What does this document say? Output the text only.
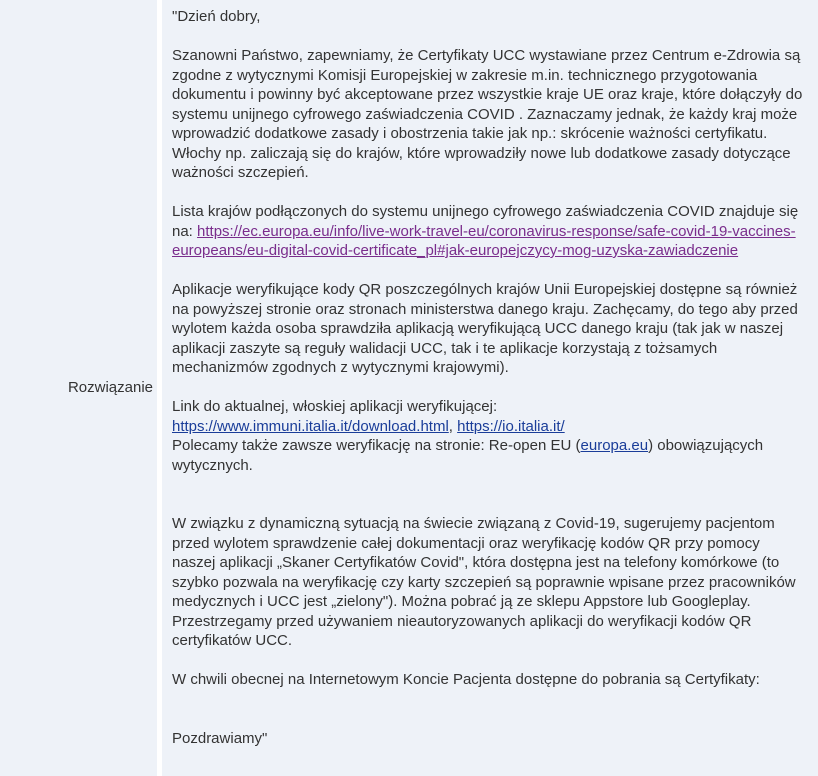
Rozwiązanie

"Dzień dobry,

Szanowni Państwo, zapewniamy, że Certyfikaty UCC wystawiane przez Centrum e-Zdrowia są zgodne z wytycznymi Komisji Europejskiej w zakresie m.in. technicznego przygotowania dokumentu i powinny być akceptowane przez wszystkie kraje UE oraz kraje, które dołączyły do systemu unijnego cyfrowego zaświadczenia COVID . Zaznaczamy jednak, że każdy kraj może wprowadzić dodatkowe zasady i obostrzenia takie jak np.: skrócenie ważności certyfikatu. Włochy np. zaliczają się do krajów, które wprowadziły nowe lub dodatkowe zasady dotyczące ważności szczepień.

Lista krajów podłączonych do systemu unijnego cyfrowego zaświadczenia COVID znajduje się na: https://ec.europa.eu/info/live-work-travel-eu/coronavirus-response/safe-covid-19-vaccines-europeans/eu-digital-covid-certificate_pl#jak-europejczycy-mog-uzyska-zawiadczenie

Aplikacje weryfikujące kody QR poszczególnych krajów Unii Europejskiej dostępne są również na powyższej stronie oraz stronach ministerstwa danego kraju. Zachęcamy, do tego aby przed wylotem każda osoba sprawdziła aplikacją weryfikującą UCC danego kraju (tak jak w naszej aplikacji zaszyte są reguły walidacji UCC, tak i te aplikacje korzystają z tożsamych mechanizmów zgodnych z wytycznymi krajowymi).

Link do aktualnej, włoskiej aplikacji weryfikującej:
https://www.immuni.italia.it/download.html, https://io.italia.it/
Polecamy także zawsze weryfikację na stronie: Re-open EU (europa.eu) obowiązujących wytycznych.

W związku z dynamiczną sytuacją na świecie związaną z Covid-19, sugerujemy pacjentom przed wylotem sprawdzenie całej dokumentacji oraz weryfikację kodów QR przy pomocy naszej aplikacji „Skaner Certyfikatów Covid", która dostępna jest na telefony komórkowe (to szybko pozwala na weryfikację czy karty szczepień są poprawnie wpisane przez pracowników medycznych i UCC jest „zielony"). Można pobrać ją ze sklepu Appstore lub Googleplay. Przestrzegamy przed używaniem nieautoryzowanych aplikacji do weryfikacji kodów QR certyfikatów UCC.

W chwili obecnej na Internetowym Koncie Pacjenta dostępne do pobrania są Certyfikaty:

Pozdrawiamy"
